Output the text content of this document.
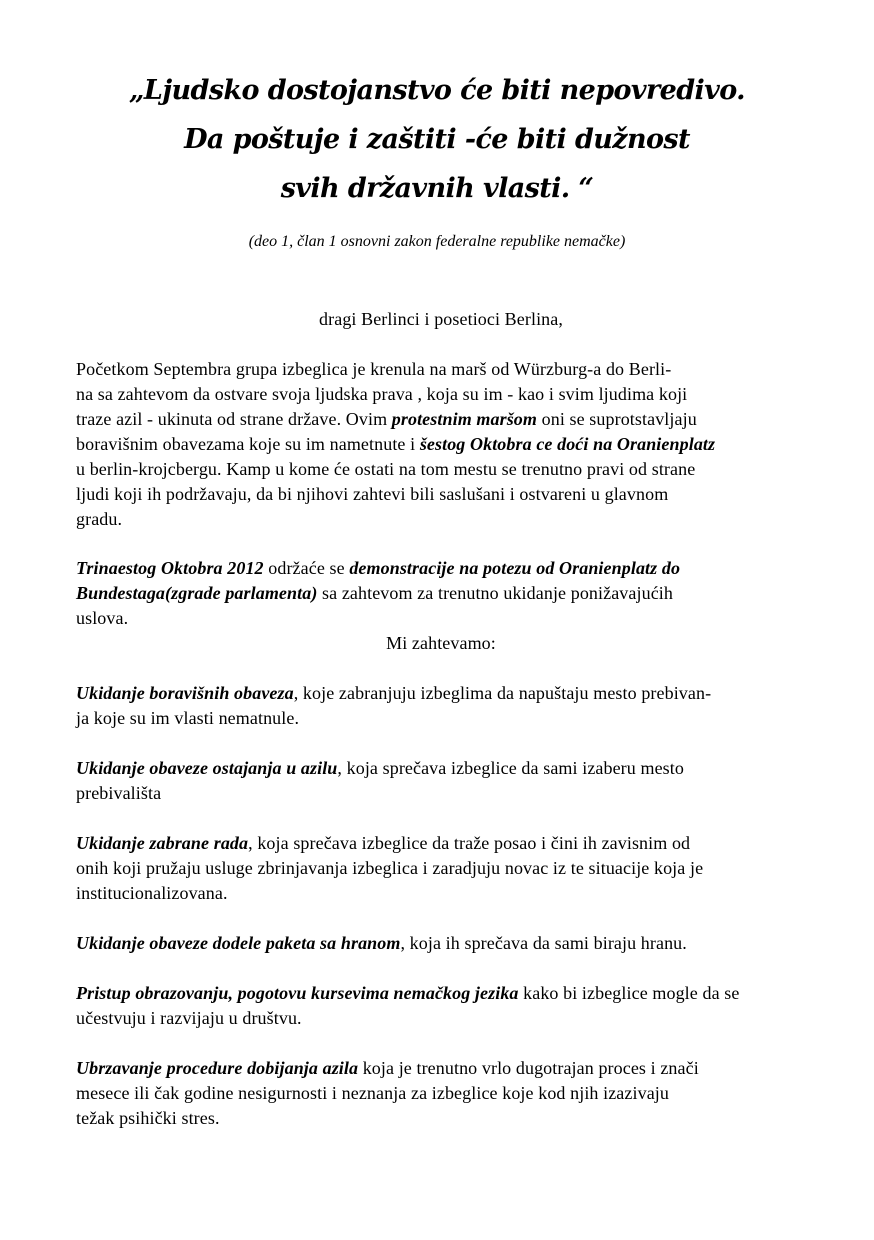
„Ljudsko dostojanstvo će biti nepovredivo.
Da poštuje i zaštiti -će biti dužnost
svih državnih vlasti. “
(deo 1, član 1 osnovni zakon federalne republike nemačke)
dragi Berlinci i posetioci Berlina,
Početkom Septembra grupa izbeglica je krenula na marš od Würzburg-a do Berli-
na sa zahtevom da ostvare svoja ljudska prava , koja su im - kao i svim ljudima koji
traze azil - ukinuta od strane države. Ovim protestnim maršom oni se suprotstavljaju
boravišnim obavezama koje su im nametnute i šestog Oktobra ce doći na Oranienplatz
u berlin-krojcbergu. Kamp u kome će ostati na tom mestu se trenutno pravi od strane
ljudi koji ih podržavaju, da bi njihovi zahtevi bili saslušani i ostvareni u glavnom
gradu.
Trinaestog Oktobra 2012 održaće se demonstracije na potezu od Oranienplatz do
Bundestaga(zgrade parlamenta) sa zahtevom za trenutno ukidanje ponižavajućih
uslova.
Mi zahtevamo:
Ukidanje boravišnih obaveza, koje zabranjuju izbeglima da napuštaju mesto prebivan-
ja koje su im vlasti nematnule.
Ukidanje obaveze ostajanja u azilu, koja sprečava izbeglice da sami izaberu mesto
prebivališta
Ukidanje zabrane rada, koja sprečava izbeglice da traže posao i čini ih zavisnim od
onih koji pružaju usluge zbrinjavanja izbeglica i zaradjuju novac iz te situacije koja je
institucionalizovana.
Ukidanje obaveze dodele paketa sa hranom, koja ih sprečava da sami biraju hranu.
Pristup obrazovanju, pogotovu kursevima nemačkog jezika kako bi izbeglice mogle da se
učestvuju i razvijaju u društvu.
Ubrzavanje procedure dobijanja azila koja je trenutno vrlo dugotrajan proces i znači
mesece ili čak godine nesigurnosti i neznanja za izbeglice koje kod njih izazivaju
težak psihički stres.
